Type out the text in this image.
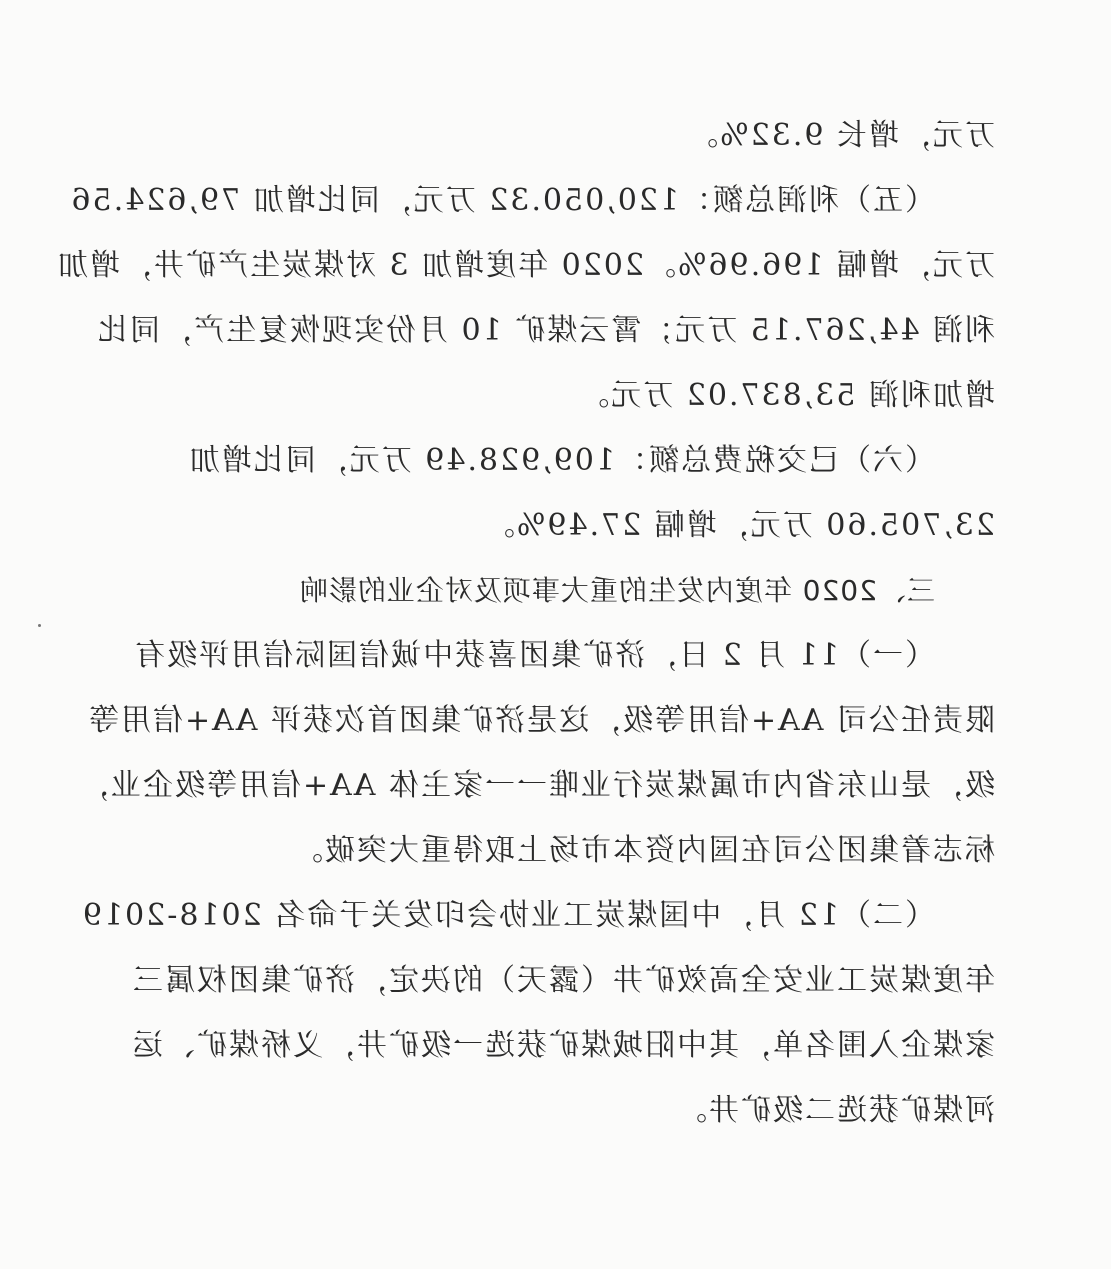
万元，增长 9.32%。
（五）利润总额：120,050.32 万元，同比增加 79,624.56
万元，增幅 196.96%。2020 年度增加 3 对煤炭生产矿井，增加
利润 44,267.15 万元；霄云煤矿 10 月份实现恢复生产，同比
增加利润 53,837.02 万元。
（六）已交税费总额：109,928.49 万元，同比增加
23,705.60 万元，增幅 27.49%。
三、2020 年度内发生的重大事项及对企业的影响
（一）11 月 2 日，济矿集团喜获中诚信国际信用评级有
限责任公司 AA+信用等级，这是济矿集团首次获评 AA+信用等
级，是山东省内市属煤炭行业唯一一家主体 AA+信用等级企业，
标志着集团公司在国内资本市场上取得重大突破。
（二）12 月，中国煤炭工业协会印发关于命名 2018-2019
年度煤炭工业安全高效矿井（露天）的决定，济矿集团权属三
家煤企入围名单，其中阳城煤矿获选一级矿井，义桥煤矿、运
河煤矿获选二级矿井。
